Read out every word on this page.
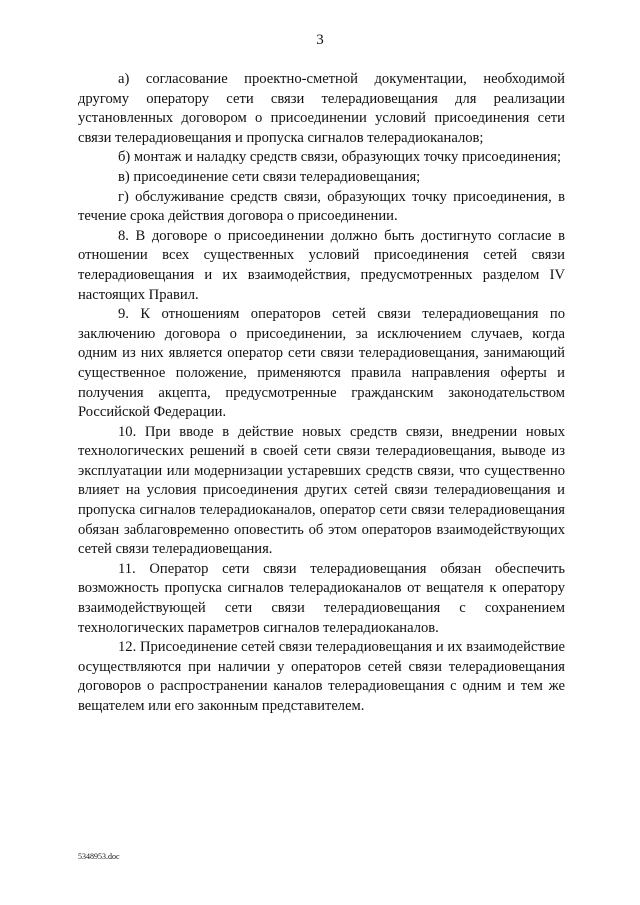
3

а) согласование проектно-сметной документации, необходимой другому оператору сети связи телерадиовещания для реализации установленных договором о присоединении условий присоединения сети связи телерадиовещания и пропуска сигналов телерадиоканалов;

б) монтаж и наладку средств связи, образующих точку присоединения;

в) присоединение сети связи телерадиовещания;

г) обслуживание средств связи, образующих точку присоединения, в течение срока действия договора о присоединении.

8. В договоре о присоединении должно быть достигнуто согласие в отношении всех существенных условий присоединения сетей связи телерадиовещания и их взаимодействия, предусмотренных разделом IV настоящих Правил.

9. К отношениям операторов сетей связи телерадиовещания по заключению договора о присоединении, за исключением случаев, когда одним из них является оператор сети связи телерадиовещания, занимающий существенное положение, применяются правила направления оферты и получения акцепта, предусмотренные гражданским законодательством Российской Федерации.

10. При вводе в действие новых средств связи, внедрении новых технологических решений в своей сети связи телерадиовещания, выводе из эксплуатации или модернизации устаревших средств связи, что существенно влияет на условия присоединения других сетей связи телерадиовещания и пропуска сигналов телерадиоканалов, оператор сети связи телерадиовещания обязан заблаговременно оповестить об этом операторов взаимодействующих сетей связи телерадиовещания.

11. Оператор сети связи телерадиовещания обязан обеспечить возможность пропуска сигналов телерадиоканалов от вещателя к оператору взаимодействующей сети связи телерадиовещания с сохранением технологических параметров сигналов телерадиоканалов.

12. Присоединение сетей связи телерадиовещания и их взаимодействие осуществляются при наличии у операторов сетей связи телерадиовещания договоров о распространении каналов телерадиовещания с одним и тем же вещателем или его законным представителем.

5348953.doc
